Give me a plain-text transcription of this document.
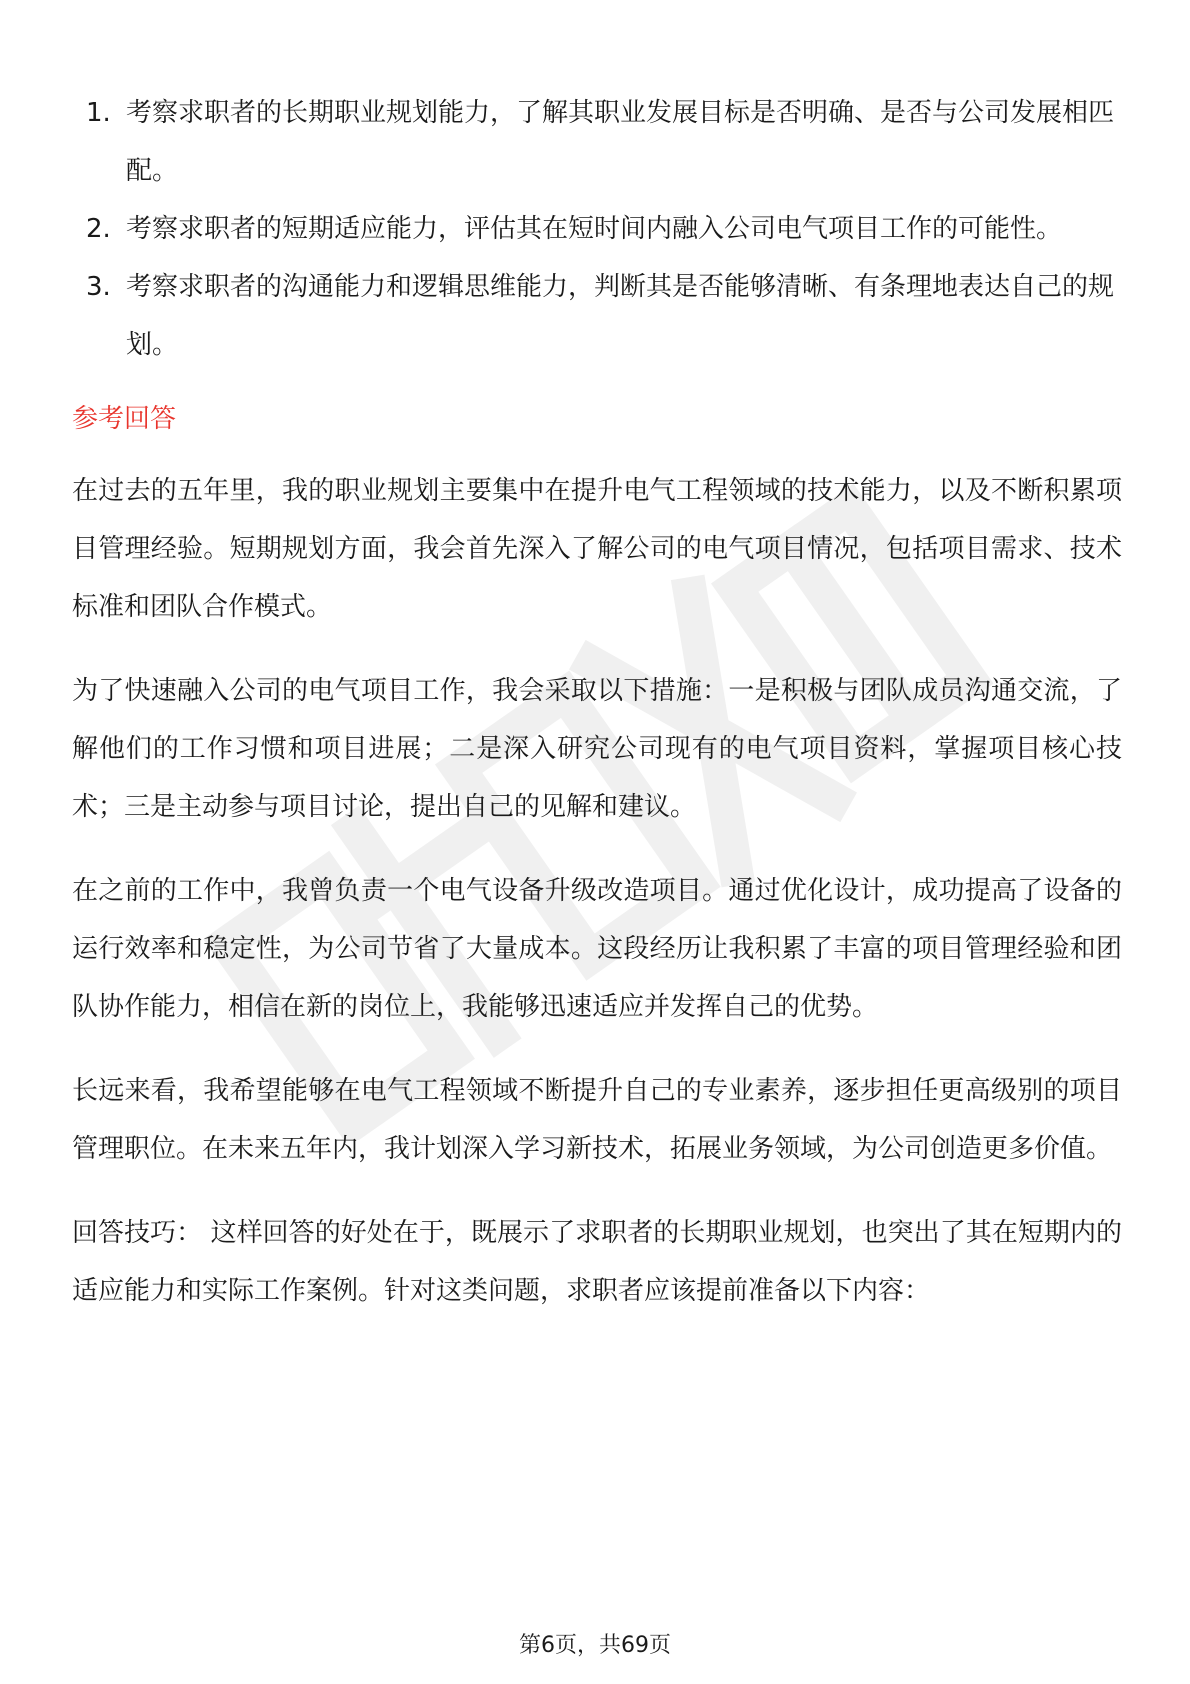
1. 考察求职者的长期职业规划能力，了解其职业发展目标是否明确、是否与公司发展相匹配。
2. 考察求职者的短期适应能力，评估其在短时间内融入公司电气项目工作的可能性。
3. 考察求职者的沟通能力和逻辑思维能力，判断其是否能够清晰、有条理地表达自己的规划。
参考回答

在过去的五年里，我的职业规划主要集中在提升电气工程领域的技术能力，以及不断积累项目管理经验。短期规划方面，我会首先深入了解公司的电气项目情况，包括项目需求、技术标准和团队合作模式。

为了快速融入公司的电气项目工作，我会采取以下措施：一是积极与团队成员沟通交流，了解他们的工作习惯和项目进展；二是深入研究公司现有的电气项目资料，掌握项目核心技术；三是主动参与项目讨论，提出自己的见解和建议。

在之前的工作中，我曾负责一个电气设备升级改造项目。通过优化设计，成功提高了设备的运行效率和稳定性，为公司节省了大量成本。这段经历让我积累了丰富的项目管理经验和团队协作能力，相信在新的岗位上，我能够迅速适应并发挥自己的优势。

长远来看，我希望能够在电气工程领域不断提升自己的专业素养，逐步担任更高级别的项目管理职位。在未来五年内，我计划深入学习新技术，拓展业务领域，为公司创造更多价值。

回答技巧： 这样回答的好处在于，既展示了求职者的长期职业规划，也突出了其在短期内的适应能力和实际工作案例。针对这类问题，求职者应该提前准备以下内容：

第6页，共69页
